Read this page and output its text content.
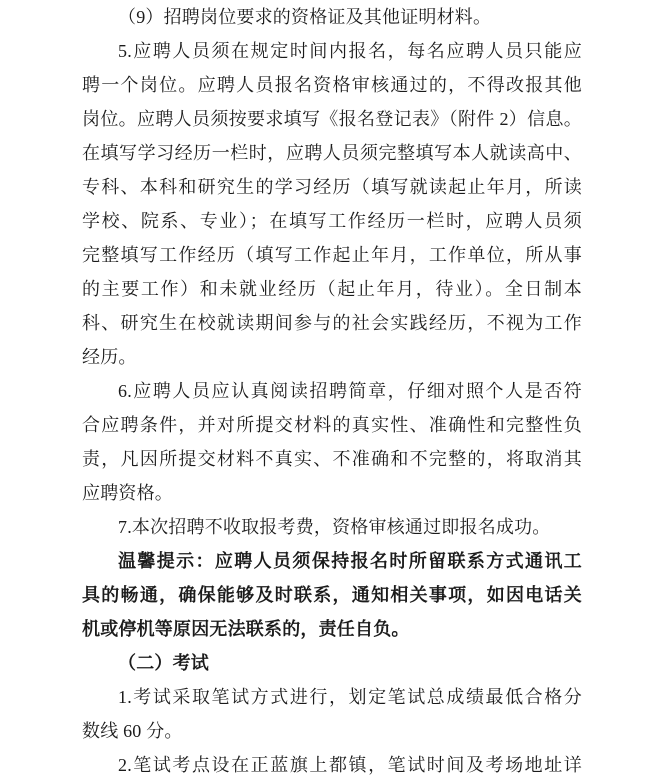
（9）招聘岗位要求的资格证及其他证明材料。
5.应聘人员须在规定时间内报名，每名应聘人员只能应
聘一个岗位。应聘人员报名资格审核通过的，不得改报其他
岗位。应聘人员须按要求填写《报名登记表》（附件 2）信息。
在填写学习经历一栏时，应聘人员须完整填写本人就读高中、
专科、本科和研究生的学习经历（填写就读起止年月，所读
学校、院系、专业）；在填写工作经历一栏时，应聘人员须
完整填写工作经历（填写工作起止年月，工作单位，所从事
的主要工作）和未就业经历（起止年月，待业）。全日制本
科、研究生在校就读期间参与的社会实践经历，不视为工作
经历。
6.应聘人员应认真阅读招聘简章，仔细对照个人是否符
合应聘条件，并对所提交材料的真实性、准确性和完整性负
责，凡因所提交材料不真实、不准确和不完整的，将取消其
应聘资格。
7.本次招聘不收取报考费，资格审核通过即报名成功。
温馨提示：应聘人员须保持报名时所留联系方式通讯工
具的畅通，确保能够及时联系，通知相关事项，如因电话关
机或停机等原因无法联系的，责任自负。
（二）考试
1.考试采取笔试方式进行，划定笔试总成绩最低合格分
数线 60 分。
2.笔试考点设在正蓝旗上都镇，笔试时间及考场地址详
